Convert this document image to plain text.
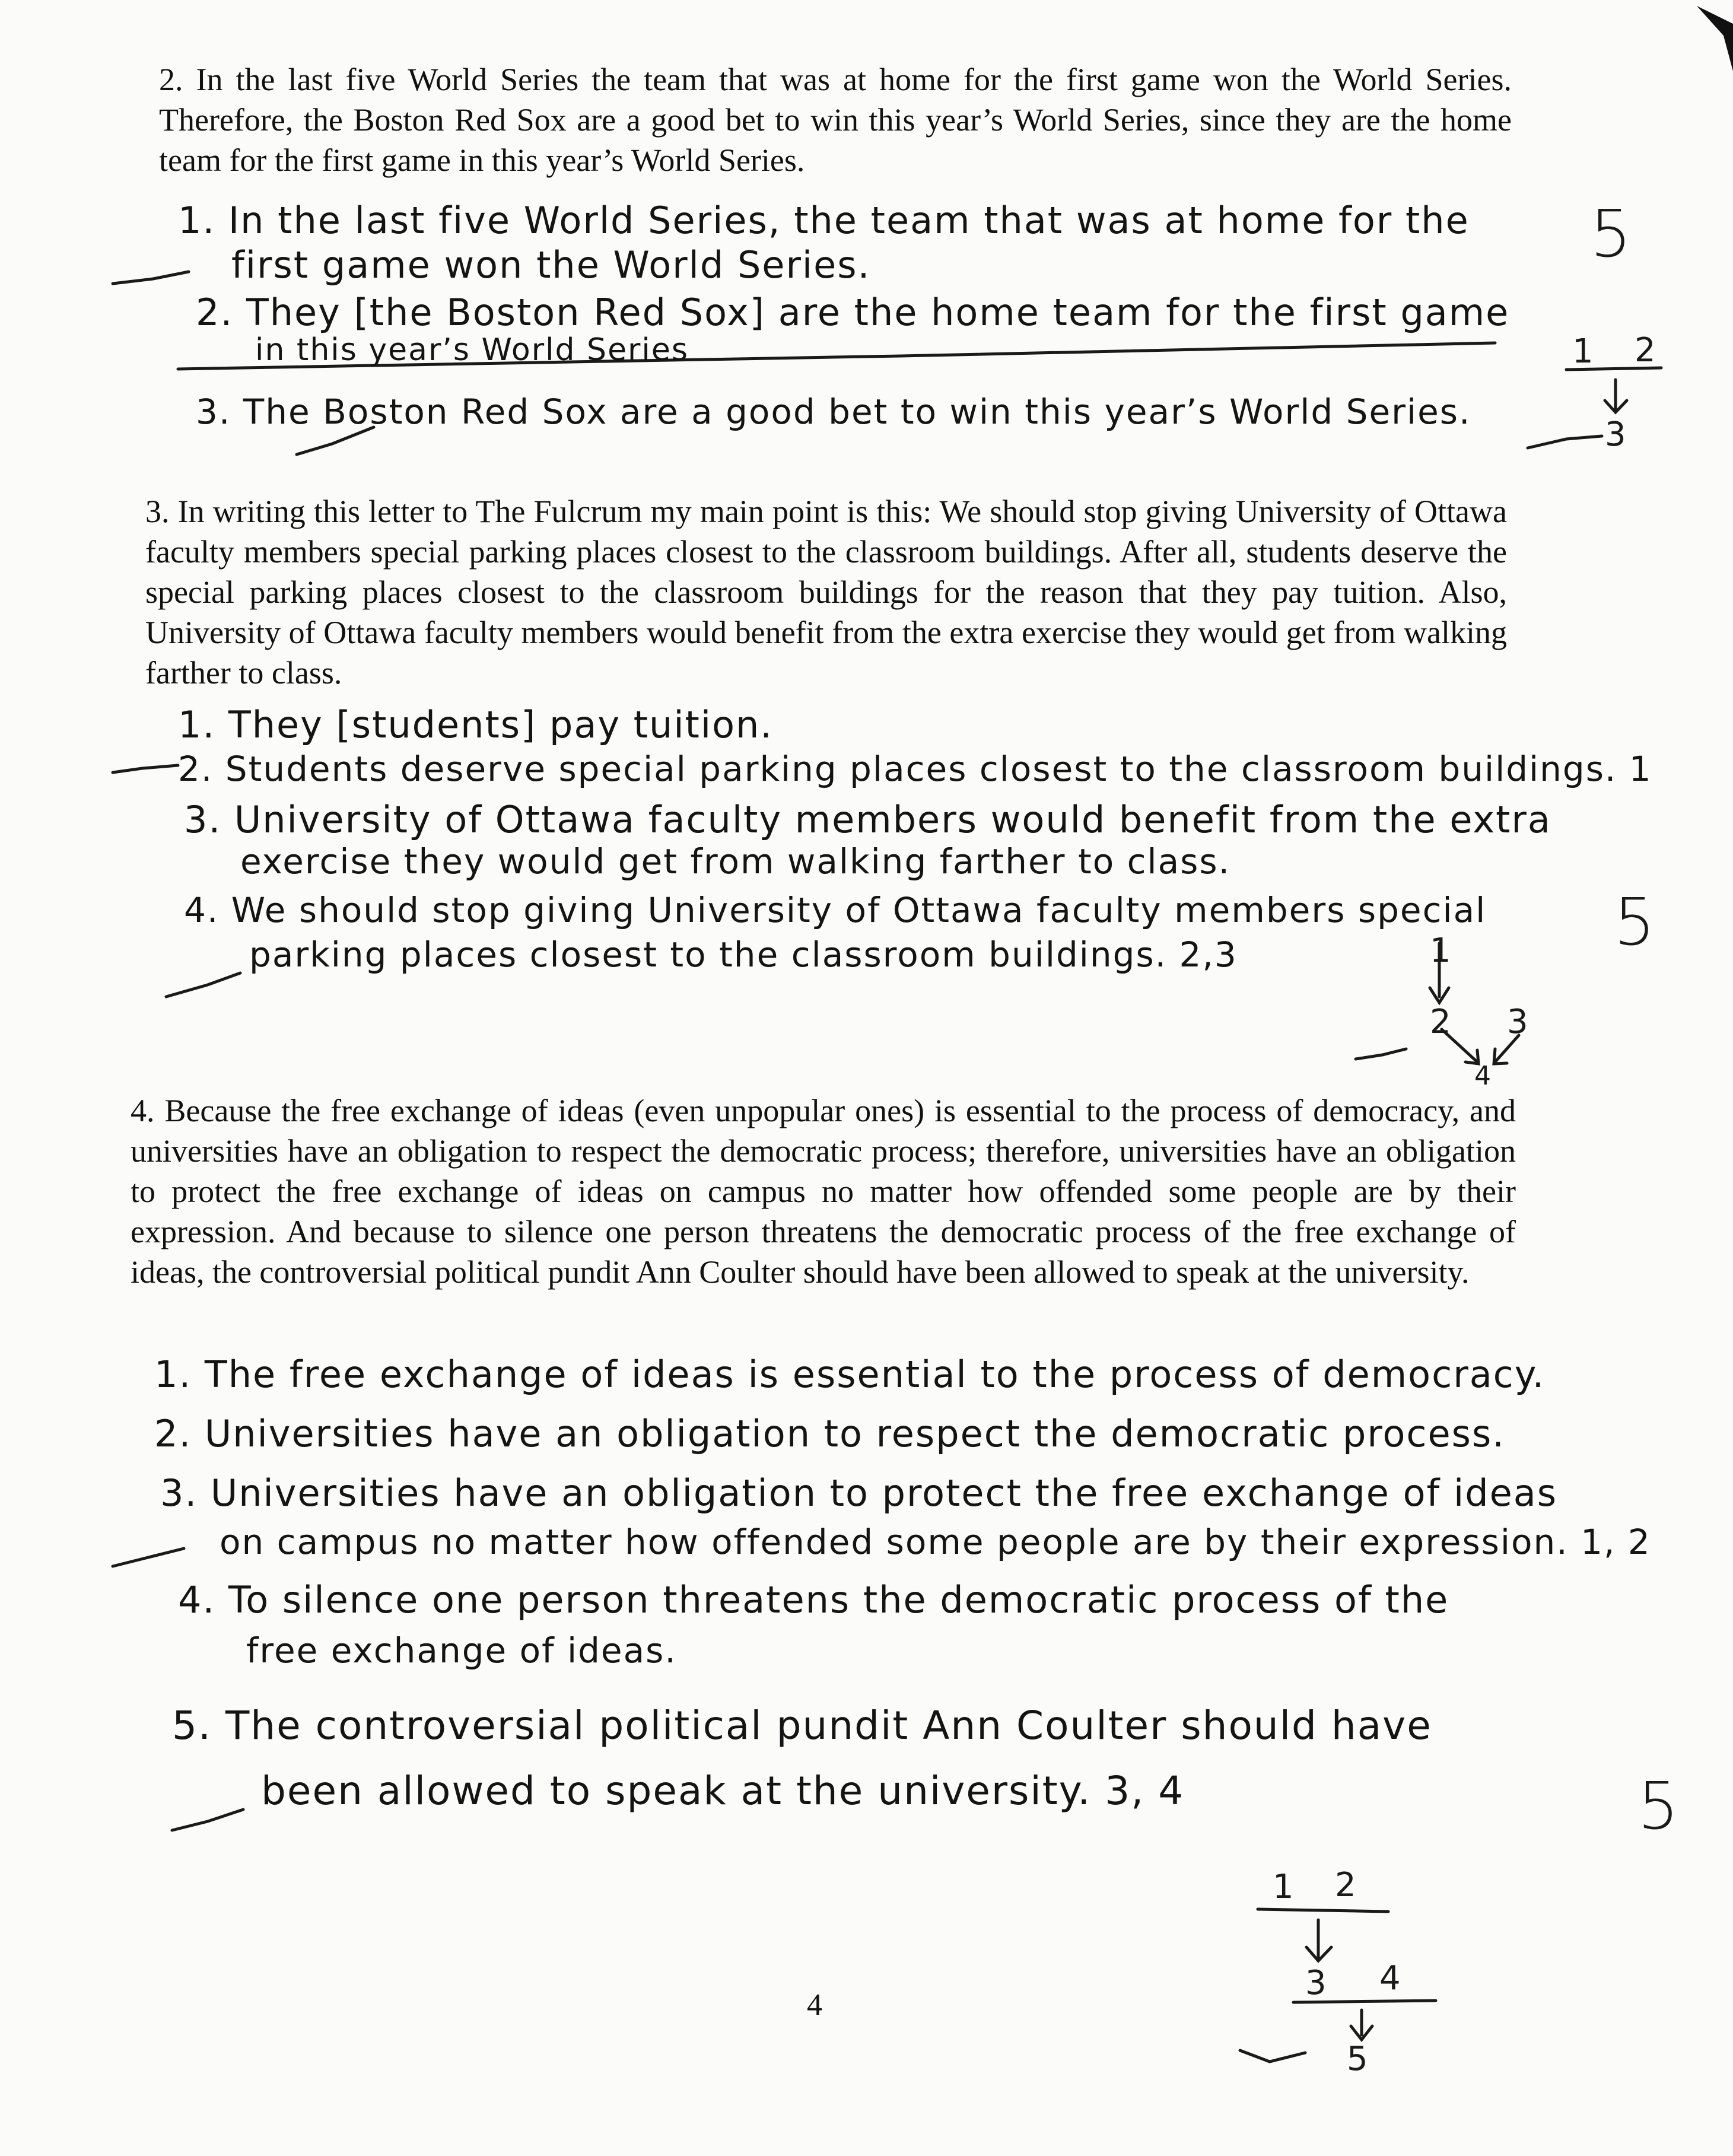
2. In the last five World Series the team that was at home for the first game won the World Series. Therefore, the Boston Red Sox are a good bet to win this year’s World Series, since they are the home team for the first game in this year’s World Series.

1. In the last five World Series, the team that was at home for the

first game won the World Series.

2. They [the Boston Red Sox] are the home team for the first game

in this year’s World Series

3. The Boston Red Sox are a good bet to win this year’s World Series.

5

1 2

3

3. In writing this letter to The Fulcrum my main point is this: We should stop giving University of Ottawa faculty members special parking places closest to the classroom buildings. After all, students deserve the special parking places closest to the classroom buildings for the reason that they pay tuition. Also, University of Ottawa faculty members would benefit from the extra exercise they would get from walking farther to class.

1. They [students] pay tuition.

2. Students deserve special parking places closest to the classroom buildings. 1

3. University of Ottawa faculty members would benefit from the extra

exercise they would get from walking farther to class.

4. We should stop giving University of Ottawa faculty members special

parking places closest to the classroom buildings. 2,3	5

1

2 3

4

4. Because the free exchange of ideas (even unpopular ones) is essential to the process of democracy, and universities have an obligation to respect the democratic process; therefore, universities have an obligation to protect the free exchange of ideas on campus no matter how offended some people are by their expression. And because to silence one person threatens the democratic process of the free exchange of ideas, the controversial political pundit Ann Coulter should have been allowed to speak at the university.

1. The free exchange of ideas is essential to the process of democracy.

2. Universities have an obligation to respect the democratic process.

3. Universities have an obligation to protect the free exchange of ideas

on campus no matter how offended some people are by their expression. 1, 2

4. To silence one person threatens the democratic process of the

free exchange of ideas.

5. The controversial political pundit Ann Coulter should have

been allowed to speak at the university. 3, 4	5

1 2

3 4

5

4
